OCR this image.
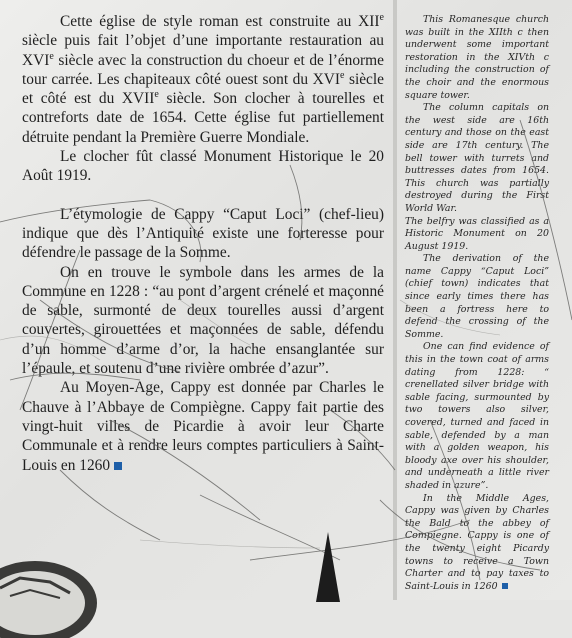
Cette église de style roman est construite au XIIe siècle puis fait l’objet d’une importante restauration au XVIe siècle avec la construction du choeur et de l’énorme tour carrée. Les chapiteaux côté ouest sont du XVIe siècle et côté est du XVIIe siècle. Son clocher à tourelles et contreforts date de 1654. Cette église fut partiellement détruite pendant la Première Guerre Mondiale.

Le clocher fût classé Monument Historique le 20 Août 1919.

L’étymologie de Cappy “Caput Loci” (chef-lieu) indique que dès l’Antiquité existe une forteresse pour défendre le passage de la Somme.

On en trouve le symbole dans les armes de la Commune en 1228 : “au pont d’argent crénelé et maçonné de sable, surmonté de deux tourelles aussi d’argent couvertes, girouettées et maçonnées de sable, défendu d’un homme d’arme d’or, la hache ensanglantée sur l’épaule, et soutenu d’une rivière ombrée d’azur”.

Au Moyen-Age, Cappy est donnée par Charles le Chauve à l’Abbaye de Compiègne. Cappy fait partie des vingt-huit villes de Picardie à avoir leur Charte Communale et à rendre leurs comptes particuliers à Saint-Louis en 1260

This Romanesque church was built in the XIIth c then underwent some important restoration in the XIVth c including the construction of the choir and the enormous square tower.

The column capitals on the west side are 16th century and those on the east side are 17th century. The bell tower with turrets and buttresses dates from 1654. This church was partially destroyed during the First World War.

The belfry was classified as a Historic Monument on 20 August 1919.

The derivation of the name Cappy “Caput Loci” (chief town) indicates that since early times there has been a fortress here to defend the crossing of the Somme.

One can find evidence of this in the town coat of arms dating from 1228: “ crenellated silver bridge with sable facing, surmounted by two towers also silver, covered, turned and faced in sable, defended by a man with a golden weapon, his bloody axe over his shoulder, and underneath a little river shaded in azure”.

In the Middle Ages, Cappy was given by Charles the Bald to the abbey of Compiegne. Cappy is one of the twenty eight Picardy towns to receive a Town Charter and to pay taxes to Saint-Louis in 1260
